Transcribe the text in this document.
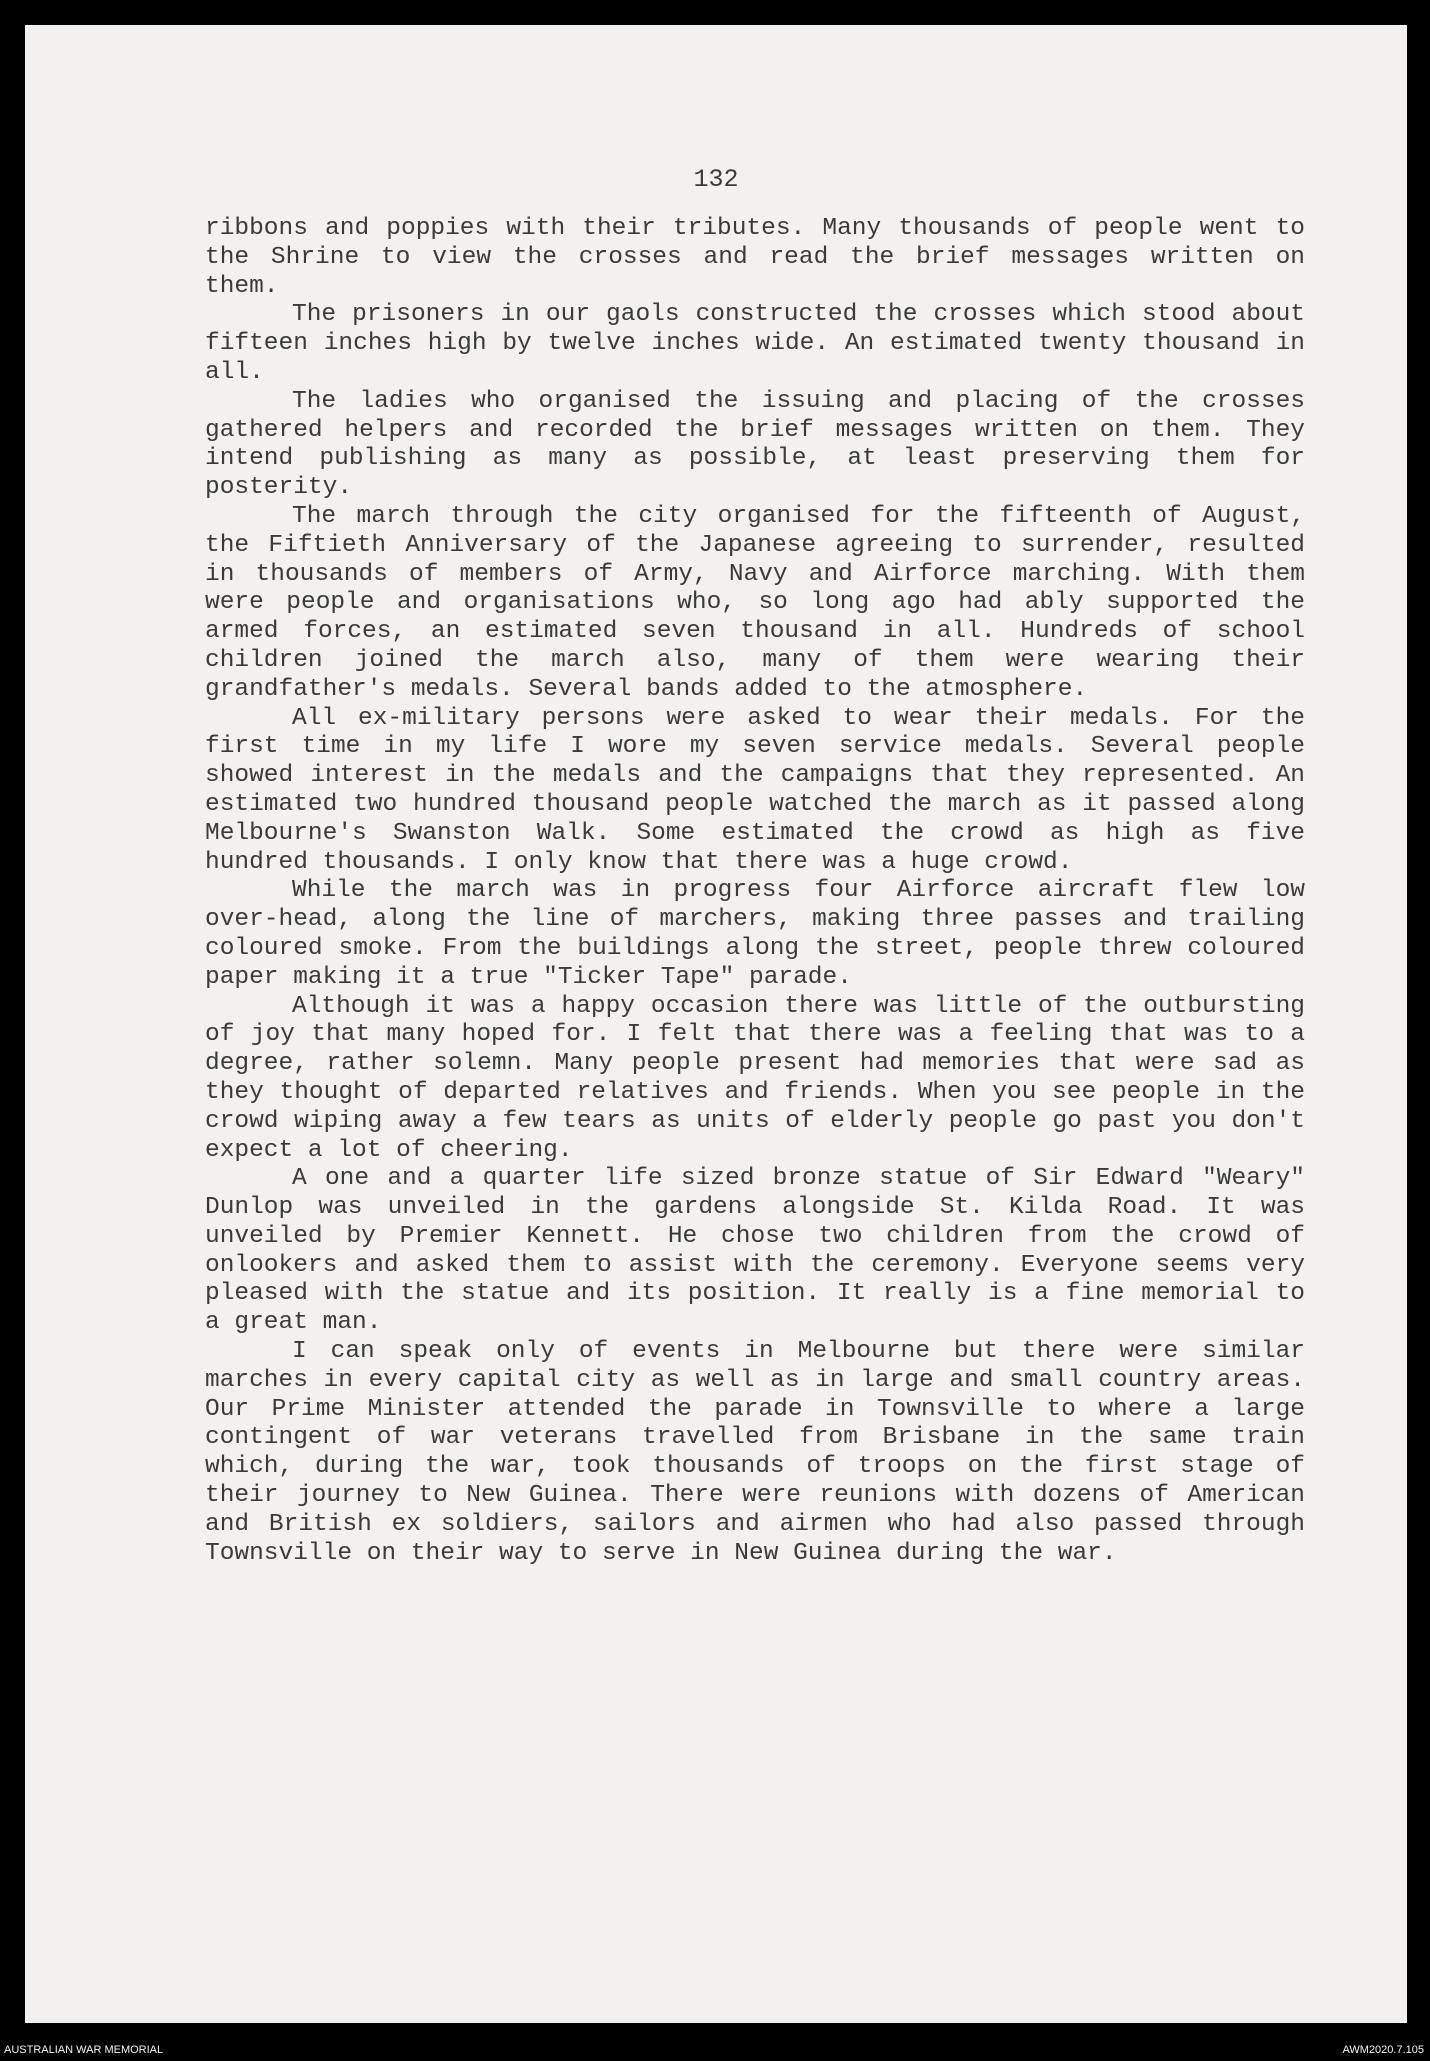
132

ribbons and poppies with their tributes. Many thousands of people went to the Shrine to view the crosses and read the brief messages written on them.

The prisoners in our gaols constructed the crosses which stood about fifteen inches high by twelve inches wide. An estimated twenty thousand in all.

The ladies who organised the issuing and placing of the crosses gathered helpers and recorded the brief messages written on them. They intend publishing as many as possible, at least preserving them for posterity.

The march through the city organised for the fifteenth of August, the Fiftieth Anniversary of the Japanese agreeing to surrender, resulted in thousands of members of Army, Navy and Airforce marching. With them were people and organisations who, so long ago had ably supported the armed forces, an estimated seven thousand in all. Hundreds of school children joined the march also, many of them were wearing their grandfather's medals. Several bands added to the atmosphere.

All ex-military persons were asked to wear their medals. For the first time in my life I wore my seven service medals. Several people showed interest in the medals and the campaigns that they represented. An estimated two hundred thousand people watched the march as it passed along Melbourne's Swanston Walk. Some estimated the crowd as high as five hundred thousands. I only know that there was a huge crowd.

While the march was in progress four Airforce aircraft flew low over-head, along the line of marchers, making three passes and trailing coloured smoke. From the buildings along the street, people threw coloured paper making it a true "Ticker Tape" parade.

Although it was a happy occasion there was little of the outbursting of joy that many hoped for. I felt that there was a feeling that was to a degree, rather solemn. Many people present had memories that were sad as they thought of departed relatives and friends. When you see people in the crowd wiping away a few tears as units of elderly people go past you don't expect a lot of cheering.

A one and a quarter life sized bronze statue of Sir Edward "Weary" Dunlop was unveiled in the gardens alongside St. Kilda Road. It was unveiled by Premier Kennett. He chose two children from the crowd of onlookers and asked them to assist with the ceremony. Everyone seems very pleased with the statue and its position. It really is a fine memorial to a great man.

I can speak only of events in Melbourne but there were similar marches in every capital city as well as in large and small country areas. Our Prime Minister attended the parade in Townsville to where a large contingent of war veterans travelled from Brisbane in the same train which, during the war, took thousands of troops on the first stage of their journey to New Guinea. There were reunions with dozens of American and British ex soldiers, sailors and airmen who had also passed through Townsville on their way to serve in New Guinea during the war.

AUSTRALIAN WAR MEMORIAL	AWM2020.7.105
